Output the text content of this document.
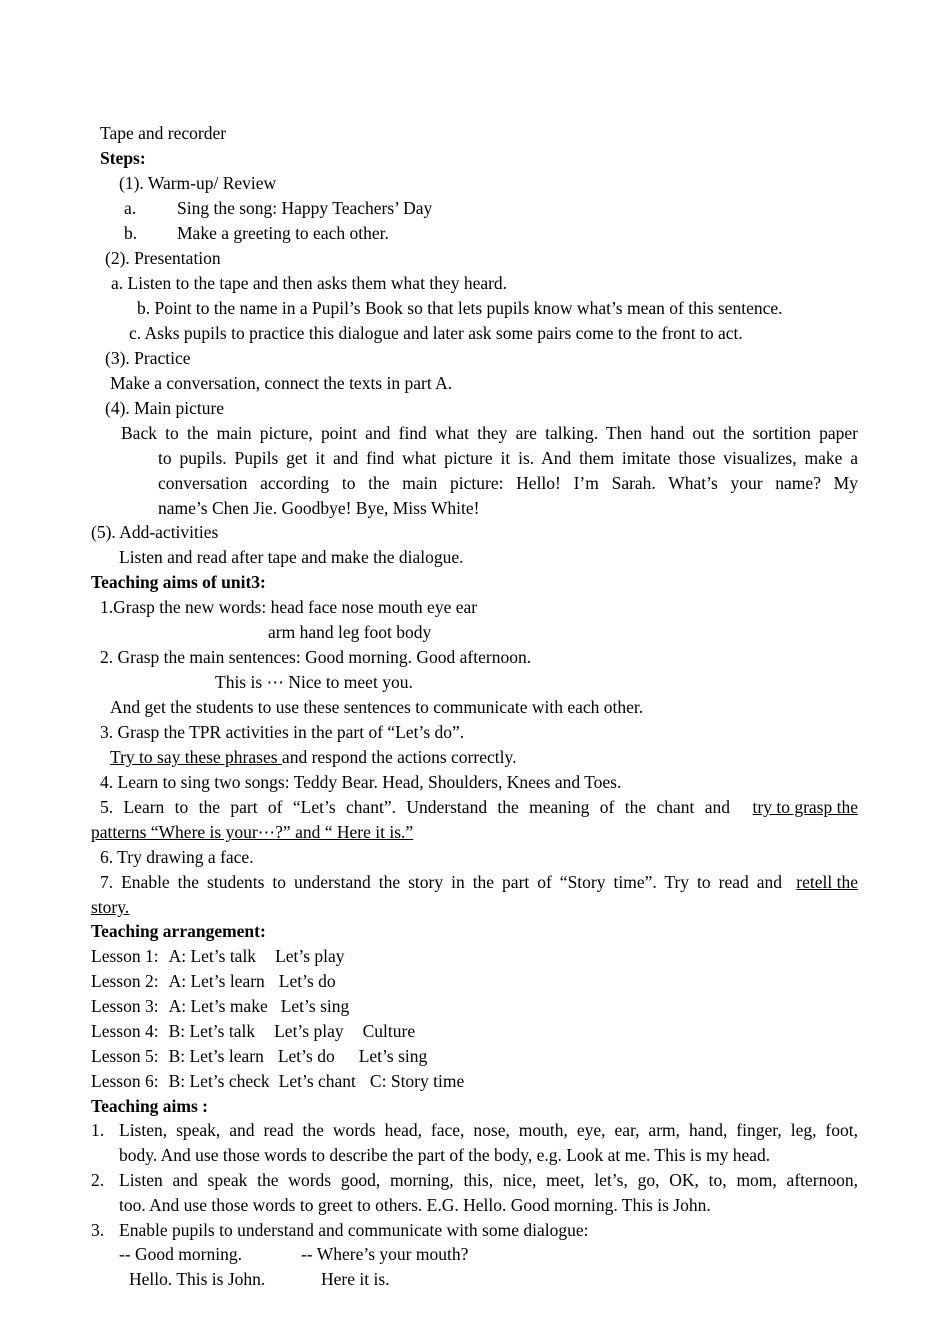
Tape and recorder
Steps:
(1). Warm-up/ Review
a. Sing the song: Happy Teachers’ Day
b. Make a greeting to each other.
(2). Presentation
a. Listen to the tape and then asks them what they heard.
b. Point to the name in a Pupil’s Book so that lets pupils know what’s mean of this sentence.
c. Asks pupils to practice this dialogue and later ask some pairs come to the front to act.
(3). Practice
Make a conversation, connect the texts in part A.
(4). Main picture
Back to the main picture, point and find what they are talking. Then hand out the sortition paper
to pupils. Pupils get it and find what picture it is. And them imitate those visualizes, make a
conversation according to the main picture: Hello! I’m Sarah. What’s your name? My
name’s Chen Jie. Goodbye! Bye, Miss White!
(5). Add-activities
Listen and read after tape and make the dialogue.
Teaching aims of unit3:
1.Grasp the new words: head face nose mouth eye ear
arm hand leg foot body
2. Grasp the main sentences: Good morning. Good afternoon.
This is ⋯ Nice to meet you.
And get the students to use these sentences to communicate with each other.
3. Grasp the TPR activities in the part of “Let’s do”.
Try to say these phrases and respond the actions correctly.
4. Learn to sing two songs: Teddy Bear. Head, Shoulders, Knees and Toes.
5. Learn to the part of “Let’s chant”. Understand the meaning of the chant and try to grasp the
patterns “Where is your⋯?” and “ Here it is.”
6. Try drawing a face.
7. Enable the students to understand the story in the part of “Story time”. Try to read and retell the
story.
Teaching arrangement:
Lesson 1: A: Let’s talk Let’s play
Lesson 2: A: Let’s learn Let’s do
Lesson 3: A: Let’s make Let’s sing
Lesson 4: B: Let’s talk Let’s play Culture
Lesson 5: B: Let’s learn Let’s do Let’s sing
Lesson 6: B: Let’s check Let’s chant C: Story time
Teaching aims :
1. Listen, speak, and read the words head, face, nose, mouth, eye, ear, arm, hand, finger, leg, foot,
body. And use those words to describe the part of the body, e.g. Look at me. This is my head.
2. Listen and speak the words good, morning, this, nice, meet, let’s, go, OK, to, mom, afternoon,
too. And use those words to greet to others. E.G. Hello. Good morning. This is John.
3. Enable pupils to understand and communicate with some dialogue:
-- Good morning.	-- Where’s your mouth?
Hello. This is John.	Here it is.
